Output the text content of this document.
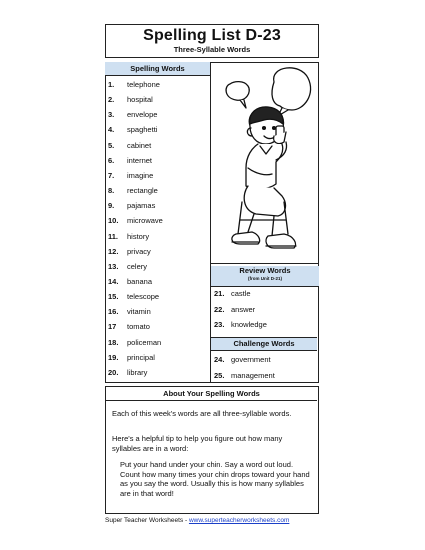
Spelling List D-23
Three-Syllable Words
Spelling Words
1. telephone
2. hospital
3. envelope
4. spaghetti
5. cabinet
6. internet
7. imagine
8. rectangle
9. pajamas
10. microwave
11. history
12. privacy
13. celery
14. banana
15. telescope
16. vitamin
17 tomato
18. policeman
19. principal
20. library
Review Words
(from Unit D-21)
21. castle
22. answer
23. knowledge
Challenge Words
24. government
25. management
About Your Spelling Words
Each of this week's words are all three-syllable words.
Here's a helpful tip to help you figure out how many syllables are in a word:
Put your hand under your chin. Say a word out loud. Count how many times your chin drops toward your hand as you say the word. Usually this is how many syllables are in that word!
Super Teacher Worksheets - www.superteacherworksheets.com
